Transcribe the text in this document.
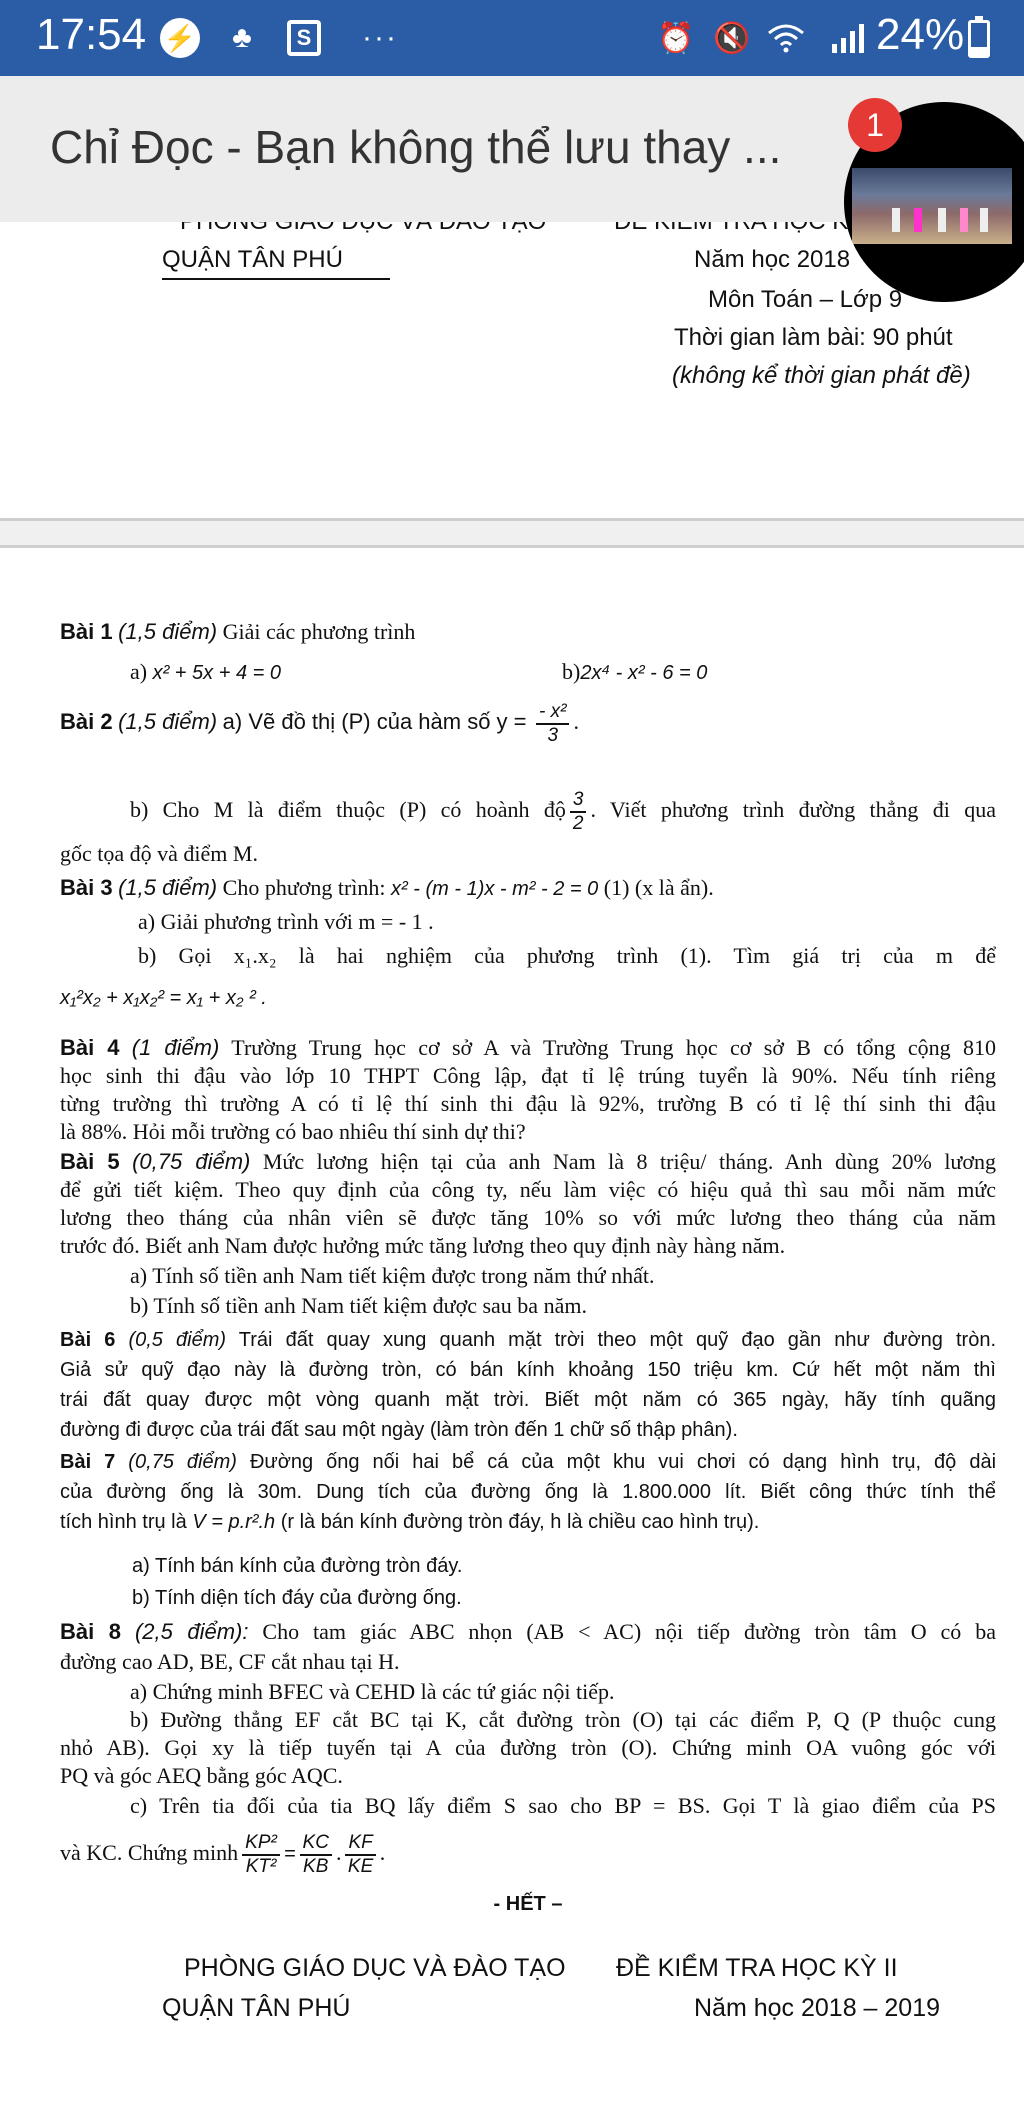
17:54 ⚡	♣	S	···	⏰ 🔇	24%
Chỉ Đọc - Bạn không thể lưu thay ...	1
QUẬN TÂN PHÚ	Năm học 2018
Môn Toán – Lớp 9
Thời gian làm bài: 90 phút
(không kể thời gian phát đề)
Bài 1 (1,5 điểm) Giải các phương trình
a) x² + 5x + 4 = 0	b)2x⁴ - x² - 6 = 0
Bài 2 (1,5 điểm) a) Vẽ đồ thị (P) của hàm số $y = \frac{\text{- x²}}{3}$ .
b) Cho M là điểm thuộc (P) có hoành độ $\frac{3}{2}$ . Viết phương trình đường thẳng đi qua
gốc tọa độ và điểm M.
Bài 3 (1,5 điểm) Cho phương trình: x² - (m - 1)x - m² - 2 = 0 (1) (x là ẩn).
a) Giải phương trình với m = - 1 .
b) Gọi x₁.x₂ là hai nghiệm của phương trình (1). Tìm giá trị của m để
x₁²x₂ + x₁x₂² = x₁ + x₂ ² .
Bài 4 (1 điểm) Trường Trung học cơ sở A và Trường Trung học cơ sở B có tổng cộng 810
học sinh thi đậu vào lớp 10 THPT Công lập, đạt tỉ lệ trúng tuyển là 90%. Nếu tính riêng
từng trường thì trường A có tỉ lệ thí sinh thi đậu là 92%, trường B có tỉ lệ thí sinh thi đậu
là 88%. Hỏi mỗi trường có bao nhiêu thí sinh dự thi?
Bài 5 (0,75 điểm) Mức lương hiện tại của anh Nam là 8 triệu/ tháng. Anh dùng 20% lương
để gửi tiết kiệm. Theo quy định của công ty, nếu làm việc có hiệu quả thì sau mỗi năm mức
lương theo tháng của nhân viên sẽ được tăng 10% so với mức lương theo tháng của năm
trước đó. Biết anh Nam được hưởng mức tăng lương theo quy định này hàng năm.
a) Tính số tiền anh Nam tiết kiệm được trong năm thứ nhất.
b) Tính số tiền anh Nam tiết kiệm được sau ba năm.
Bài 6 (0,5 điểm) Trái đất quay xung quanh mặt trời theo một quỹ đạo gần như đường tròn.
Giả sử quỹ đạo này là đường tròn, có bán kính khoảng 150 triệu km. Cứ hết một năm thì
trái đất quay được một vòng quanh mặt trời. Biết một năm có 365 ngày, hãy tính quãng
đường đi được của trái đất sau một ngày (làm tròn đến 1 chữ số thập phân).
Bài 7 (0,75 điểm) Đường ống nối hai bể cá của một khu vui chơi có dạng hình trụ, độ dài
của đường ống là 30m. Dung tích của đường ống là 1.800.000 lít. Biết công thức tính thể
tích hình trụ là V = p.r².h (r là bán kính đường tròn đáy, h là chiều cao hình trụ).
a) Tính bán kính của đường tròn đáy.
b) Tính diện tích đáy của đường ống.
Bài 8 (2,5 điểm): Cho tam giác ABC nhọn (AB < AC) nội tiếp đường tròn tâm O có ba
đường cao AD, BE, CF cắt nhau tại H.
a) Chứng minh BFEC và CEHD là các tứ giác nội tiếp.
b) Đường thẳng EF cắt BC tại K, cắt đường tròn (O) tại các điểm P, Q (P thuộc cung
nhỏ AB). Gọi xy là tiếp tuyến tại A của đường tròn (O). Chứng minh OA vuông góc với
PQ và góc AEQ bằng góc AQC.
c) Trên tia đối của tia BQ lấy điểm S sao cho BP = BS. Gọi T là giao điểm của PS
và KC. Chứng minh $\frac{\text{KP²}}{\text{KT²}} = \frac{KC}{KB}$ . $\frac{KF}{KE}$ .
- HẾT –
PHÒNG GIÁO DỤC VÀ ĐÀO TẠO ĐỀ KIỂM TRA HỌC KỲ II
QUẬN TÂN PHÚ	Năm học 2018 – 2019
